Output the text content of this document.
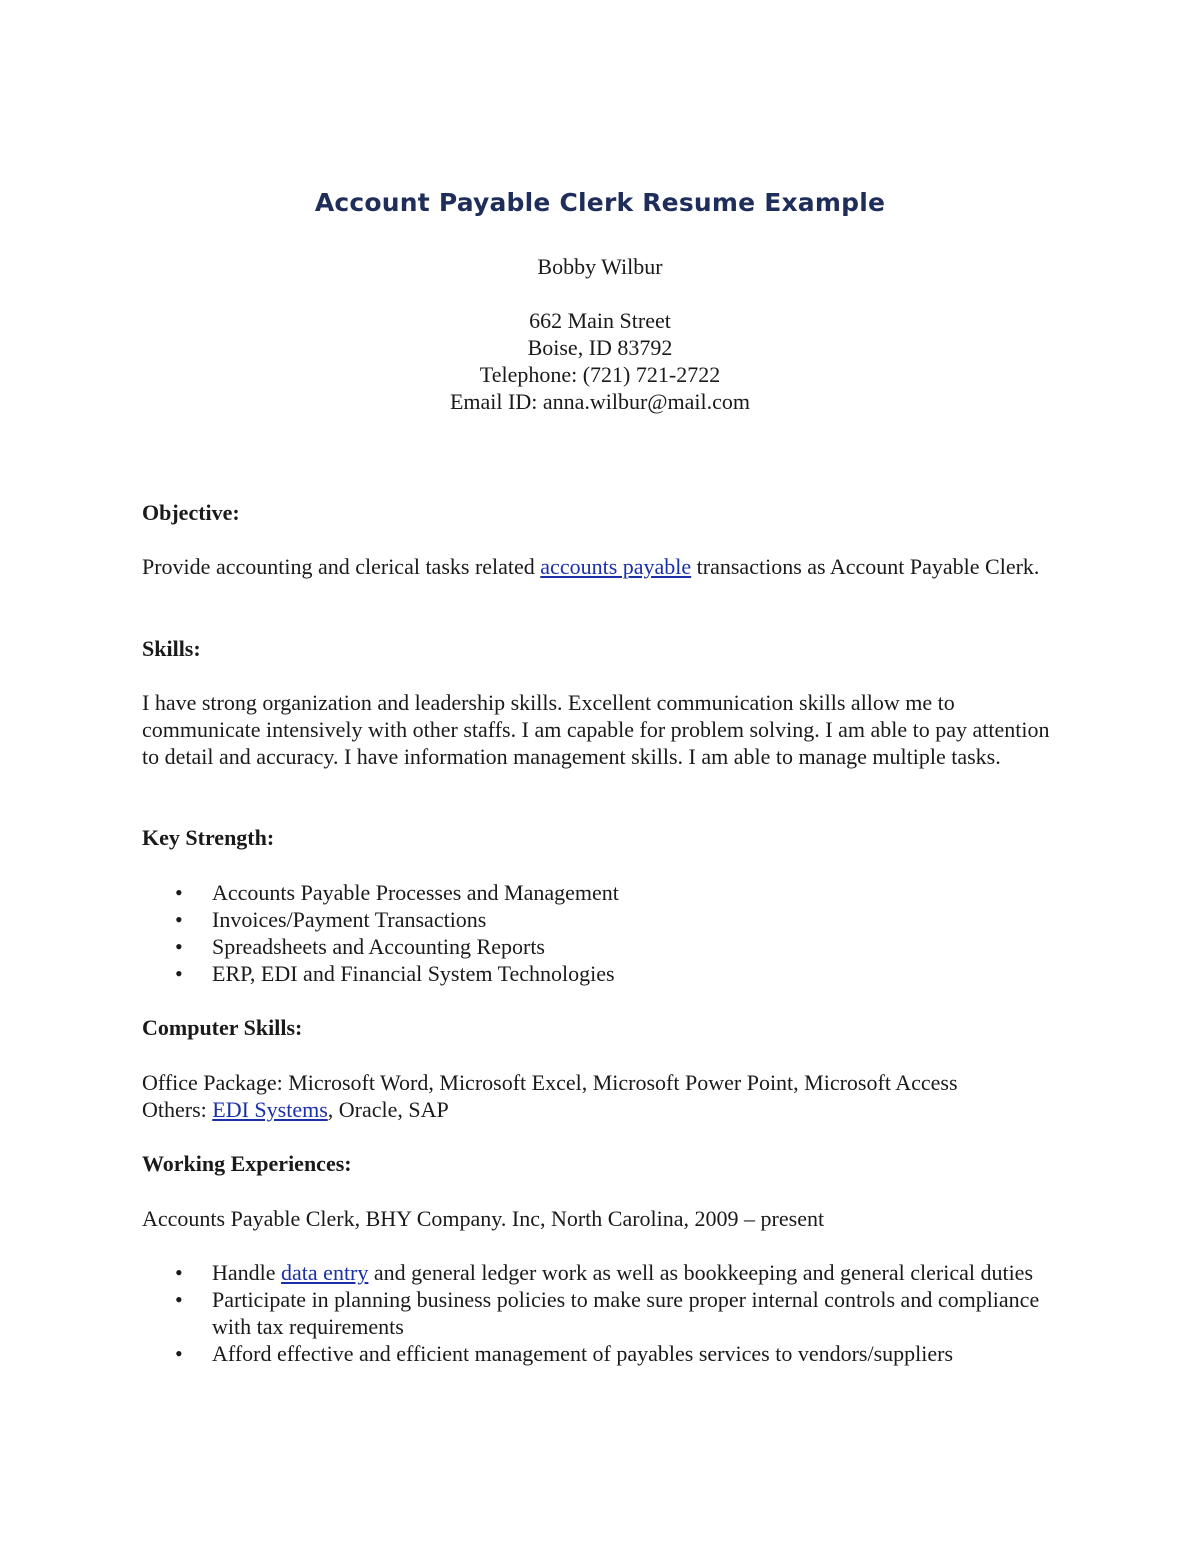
Account Payable Clerk Resume Example
Bobby Wilbur
662 Main Street
Boise, ID 83792
Telephone: (721) 721-2722
Email ID: anna.wilbur@mail.com
Objective:
Provide accounting and clerical tasks related accounts payable transactions as Account Payable Clerk.
Skills:
I have strong organization and leadership skills. Excellent communication skills allow me to communicate intensively with other staffs. I am capable for problem solving. I am able to pay attention to detail and accuracy. I have information management skills. I am able to manage multiple tasks.
Key Strength:
• Accounts Payable Processes and Management
• Invoices/Payment Transactions
• Spreadsheets and Accounting Reports
• ERP, EDI and Financial System Technologies
Computer Skills:
Office Package: Microsoft Word, Microsoft Excel, Microsoft Power Point, Microsoft Access
Others: EDI Systems, Oracle, SAP
Working Experiences:
Accounts Payable Clerk, BHY Company. Inc, North Carolina, 2009 – present
• Handle data entry and general ledger work as well as bookkeeping and general clerical duties
• Participate in planning business policies to make sure proper internal controls and compliance with tax requirements
• Afford effective and efficient management of payables services to vendors/suppliers
